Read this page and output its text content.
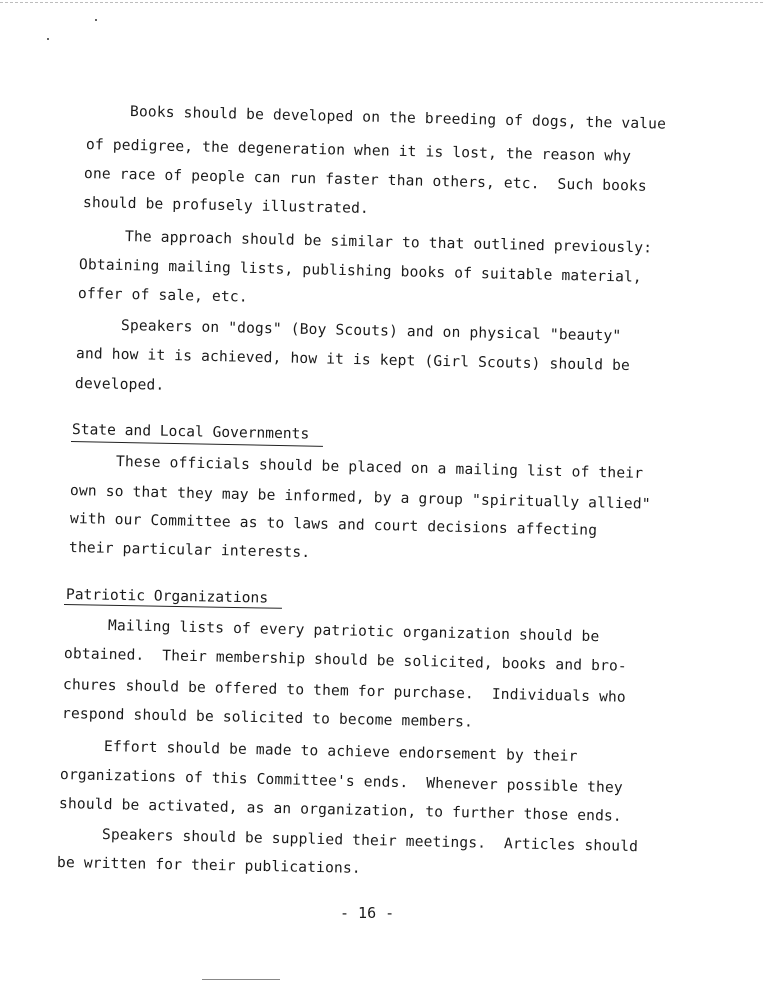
Books should be developed on the breeding of dogs, the value
of pedigree, the degeneration when it is lost, the reason why
one race of people can run faster than others, etc.  Such books
should be profusely illustrated.
The approach should be similar to that outlined previously:
Obtaining mailing lists, publishing books of suitable material,
offer of sale, etc.
Speakers on "dogs" (Boy Scouts) and on physical "beauty"
and how it is achieved, how it is kept (Girl Scouts) should be
developed.
State and Local Governments
These officials should be placed on a mailing list of their
own so that they may be informed, by a group "spiritually allied"
with our Committee as to laws and court decisions affecting
their particular interests.
Patriotic Organizations
Mailing lists of every patriotic organization should be
obtained.  Their membership should be solicited, books and bro-
chures should be offered to them for purchase.  Individuals who
respond should be solicited to become members.
Effort should be made to achieve endorsement by their
organizations of this Committee's ends.  Whenever possible they
should be activated, as an organization, to further those ends.
Speakers should be supplied their meetings.  Articles should
be written for their publications.
- 16 -
